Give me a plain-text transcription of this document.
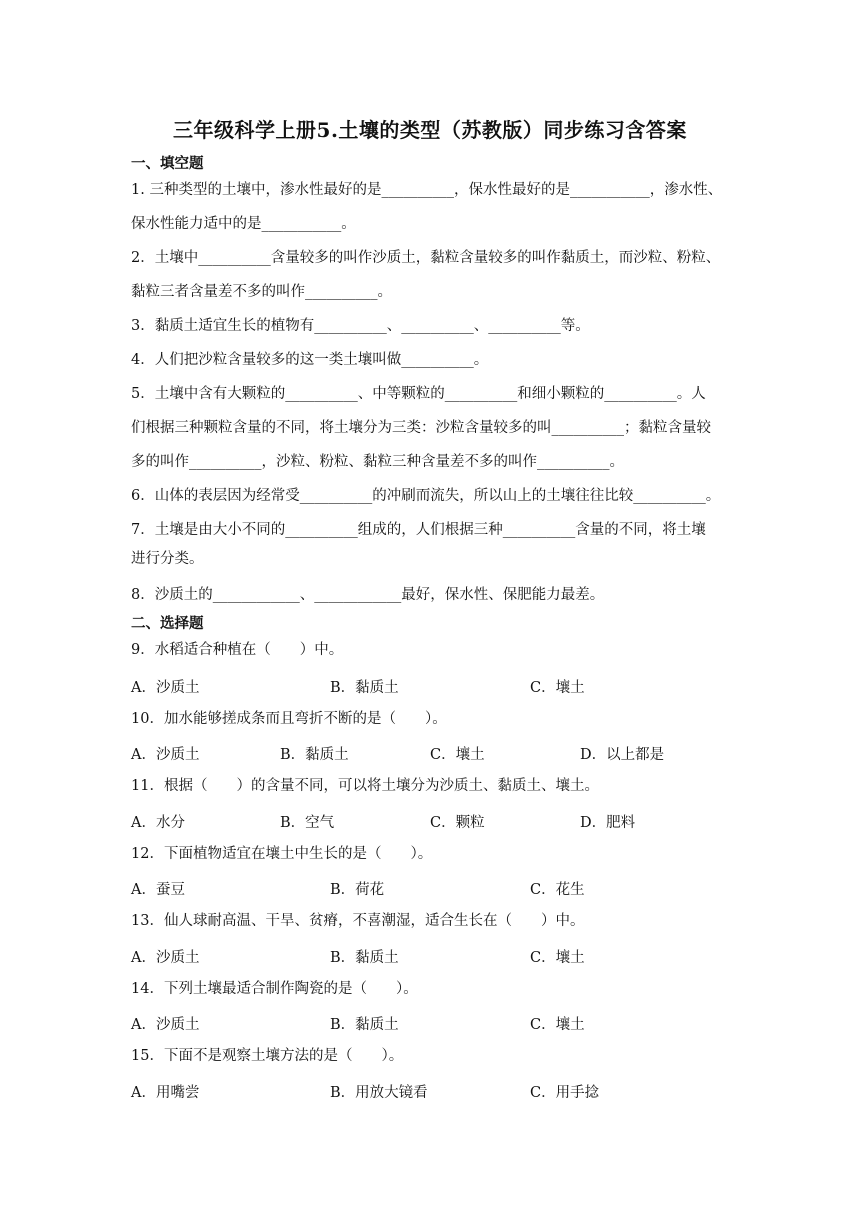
三年级科学上册5.土壤的类型（苏教版）同步练习含答案
一、填空题
1. 三种类型的土壤中，渗水性最好的是__________，保水性最好的是___________，渗水性、
保水性能力适中的是___________。
2．土壤中__________含量较多的叫作沙质土，黏粒含量较多的叫作黏质土，而沙粒、粉粒、
黏粒三者含量差不多的叫作__________。
3．黏质土适宜生长的植物有__________、__________、__________等。
4．人们把沙粒含量较多的这一类土壤叫做__________。
5．土壤中含有大颗粒的__________、中等颗粒的__________和细小颗粒的__________。人
们根据三种颗粒含量的不同，将土壤分为三类：沙粒含量较多的叫__________；黏粒含量较
多的叫作__________，沙粒、粉粒、黏粒三种含量差不多的叫作__________。
6．山体的表层因为经常受__________的冲刷而流失，所以山上的土壤往往比较__________。
7．土壤是由大小不同的__________组成的，人们根据三种__________含量的不同，将土壤
进行分类。
8．沙质土的____________、____________最好，保水性、保肥能力最差。
二、选择题
9．水稻适合种植在（　　）中。
A．沙质土	B．黏质土	C．壤土
10．加水能够搓成条而且弯折不断的是（　　）。
A．沙质土	B．黏质土	C．壤土	D．以上都是
11．根据（　　）的含量不同，可以将土壤分为沙质土、黏质土、壤土。
A．水分	B．空气	C．颗粒	D．肥料
12．下面植物适宜在壤土中生长的是（　　）。
A．蚕豆	B．荷花	C．花生
13．仙人球耐高温、干旱、贫瘠，不喜潮湿，适合生长在（　　）中。
A．沙质土	B．黏质土	C．壤土
14．下列土壤最适合制作陶瓷的是（　　）。
A．沙质土	B．黏质土	C．壤土
15．下面不是观察土壤方法的是（　　）。
A．用嘴尝	B．用放大镜看	C．用手捻
